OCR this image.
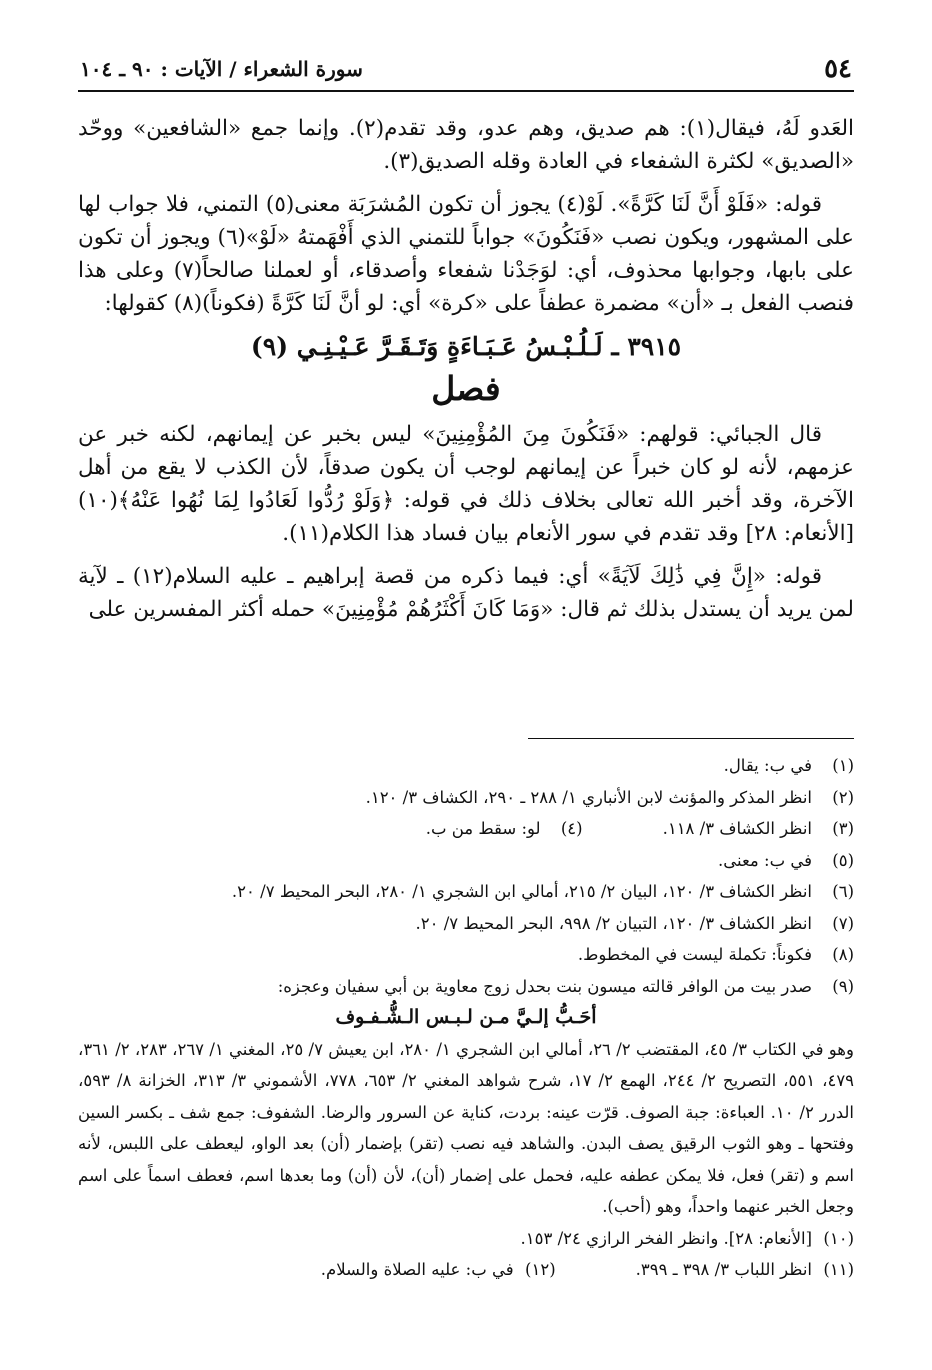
٥٤
سورة الشعراء / الآيات : ٩٠ ـ ١٠٤

العَدو لَهُ، فيقال(١): هم صديق، وهم عدو، وقد تقدم(٢). وإنما جمع «الشافعين» ووحّد «الصديق» لكثرة الشفعاء في العادة وقله الصديق(٣).

قوله: «فَلَوْ أَنَّ لَنَا كَرَّةً». لَوْ(٤) يجوز أن تكون المُشرَبَة معنى(٥) التمني، فلا جواب لها على المشهور، ويكون نصب «فَنَكُونَ» جواباً للتمني الذي أَفْهَمتهُ «لَوْ»(٦) ويجوز أن تكون على بابها، وجوابها محذوف، أي: لوَجَدْنا شفعاء وأصدقاء، أو لعملنا صالحاً(٧) وعلى هذا فنصب الفعل بـ «أن» مضمرة عطفاً على «كرة» أي: لو أنَّ لَنَا كَرَّةً (فكوناً)(٨) كقولها:

٣٩١٥ ـ لَـلُـبْـسُ عَـبَـاءَةٍ وَتَـقَـرَّ عَـيْـنِـي (٩)
فصل

قال الجبائي: قولهم: «فَنَكُونَ مِنَ المُؤْمِنِينَ» ليس بخبر عن إيمانهم، لكنه خبر عن عزمهم، لأنه لو كان خبراً عن إيمانهم لوجب أن يكون صدقاً، لأن الكذب لا يقع من أهل الآخرة، وقد أخبر الله تعالى بخلاف ذلك في قوله: ﴿وَلَوْ رُدُّوا لَعَادُوا لِمَا نُهُوا عَنْهُ﴾(١٠) [الأنعام: ٢٨] وقد تقدم في سور الأنعام بيان فساد هذا الكلام(١١).

قوله: «إِنَّ فِي ذَٰلِكَ لَآيَةً» أي: فيما ذكره من قصة إبراهيم ـ عليه السلام(١٢) ـ لآية لمن يريد أن يستدل بذلك ثم قال: «وَمَا كَانَ أَكْثَرُهُمْ مُؤْمِنِينَ» حمله أكثر المفسرين على

(١)
في ب: يقال.
(٢)
انظر المذكر والمؤنث لابن الأنباري ١/ ٢٨٨ ـ ٢٩٠، الكشاف ٣/ ١٢٠.
(٣)
انظر الكشاف ٣/ ١١٨.
(٤)
لو: سقط من ب.
(٥)
في ب: معنى.
(٦)
انظر الكشاف ٣/ ١٢٠، البيان ٢/ ٢١٥، أمالي ابن الشجري ١/ ٢٨٠، البحر المحيط ٧/ ٢٠.
(٧)
انظر الكشاف ٣/ ١٢٠، التبيان ٢/ ٩٩٨، البحر المحيط ٧/ ٢٠.
(٨)
فكوناً: تكملة ليست في المخطوط.
(٩)
صدر بيت من الوافر قالته ميسون بنت بحدل زوج معاوية بن أبي سفيان وعجزه:
أحَـبُّ إلـيَّ مـن لـبـس الـشُّـفـوف
وهو في الكتاب ٣/ ٤٥، المقتضب ٢/ ٢٦، أمالي ابن الشجري ١/ ٢٨٠، ابن يعيش ٧/ ٢٥، المغني ١/ ٢٦٧، ٢٨٣، ٢/ ٣٦١، ٤٧٩، ٥٥١، التصريح ٢/ ٢٤٤، الهمع ٢/ ١٧، شرح شواهد المغني ٢/ ٦٥٣، ٧٧٨، الأشموني ٣/ ٣١٣، الخزانة ٨/ ٥٩٣، الدرر ٢/ ١٠. العباءة: جبة الصوف. قرّت عينه: بردت، كناية عن السرور والرضا. الشفوف: جمع شف ـ بكسر السين وفتحها ـ وهو الثوب الرقيق يصف البدن. والشاهد فيه نصب (تقر) بإضمار (أن) بعد الواو، ليعطف على اللبس، لأنه اسم و (تقر) فعل، فلا يمكن عطفه عليه، فحمل على إضمار (أن)، لأن (أن) وما بعدها اسم، فعطف اسماً على اسم وجعل الخبر عنهما واحداً، وهو (أحب).
(١٠)
[الأنعام: ٢٨]. وانظر الفخر الرازي ٢٤/ ١٥٣.
(١١)
انظر اللباب ٣/ ٣٩٨ ـ ٣٩٩.
(١٢)
في ب: عليه الصلاة والسلام.
